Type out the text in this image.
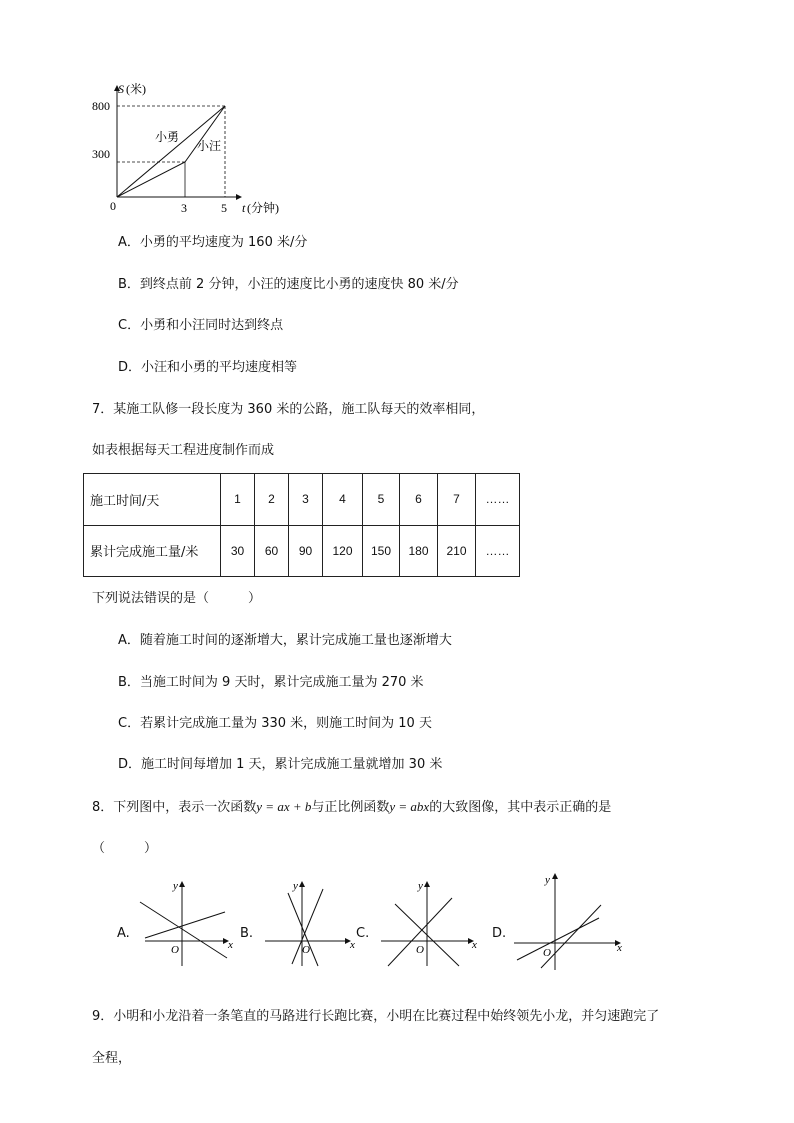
S (米)
800
300
0	3	5 t (分钟)
小勇
小汪
A．小勇的平均速度为 160 米/分
B．到终点前 2 分钟，小汪的速度比小勇的速度快 80 米/分
C．小勇和小汪同时达到终点
D．小汪和小勇的平均速度相等
7．某施工队修一段长度为 360 米的公路，施工队每天的效率相同，
如表根据每天工程进度制作而成
施工时间/天	1	2	3	4	5	6	7	……
累计完成施工量/米	30	60	90	120	150	180	210	……
下列说法错误的是（　　　）
A．随着施工时间的逐渐增大，累计完成施工量也逐渐增大
B．当施工时间为 9 天时，累计完成施工量为 270 米
C．若累计完成施工量为 330 米，则施工时间为 10 天
D．施工时间每增加 1 天，累计完成施工量就增加 30 米
8．下列图中，表示一次函数y = ax + b与正比例函数y = abx的大致图像，其中表示正确的是
（　　　）
A.	B.	C.	D.
y
x
O
y
x
O
y
x
O
y
x
O
9．小明和小龙沿着一条笔直的马路进行长跑比赛，小明在比赛过程中始终领先小龙，并匀速跑完了
全程，
